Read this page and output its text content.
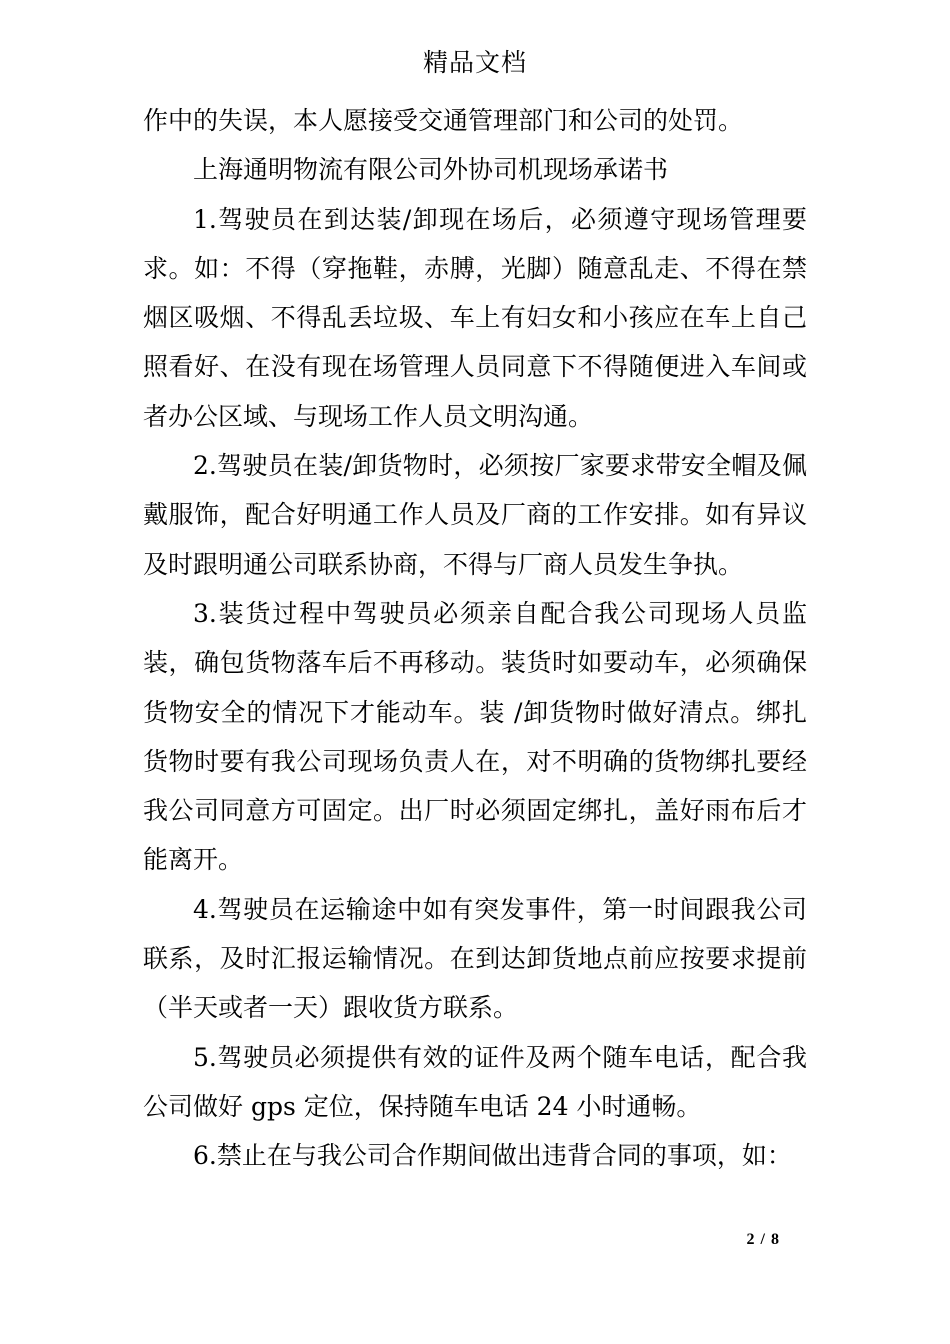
精品文档

作中的失误，本人愿接受交通管理部门和公司的处罚。

上海通明物流有限公司外协司机现场承诺书

1.驾驶员在到达装/卸现在场后，必须遵守现场管理要求。如：不得（穿拖鞋，赤膊，光脚）随意乱走、不得在禁烟区吸烟、不得乱丢垃圾、车上有妇女和小孩应在车上自己照看好、在没有现在场管理人员同意下不得随便进入车间或者办公区域、与现场工作人员文明沟通。

2.驾驶员在装/卸货物时，必须按厂家要求带安全帽及佩戴服饰，配合好明通工作人员及厂商的工作安排。如有异议及时跟明通公司联系协商，不得与厂商人员发生争执。

3.装货过程中驾驶员必须亲自配合我公司现场人员监装，确包货物落车后不再移动。装货时如要动车，必须确保货物安全的情况下才能动车。装 /卸货物时做好清点。绑扎货物时要有我公司现场负责人在，对不明确的货物绑扎要经我公司同意方可固定。出厂时必须固定绑扎，盖好雨布后才能离开。

4.驾驶员在运输途中如有突发事件，第一时间跟我公司联系，及时汇报运输情况。在到达卸货地点前应按要求提前（半天或者一天）跟收货方联系。

5.驾驶员必须提供有效的证件及两个随车电话，配合我公司做好 gps 定位，保持随车电话 24 小时通畅。

6.禁止在与我公司合作期间做出违背合同的事项，如：

2 / 8
